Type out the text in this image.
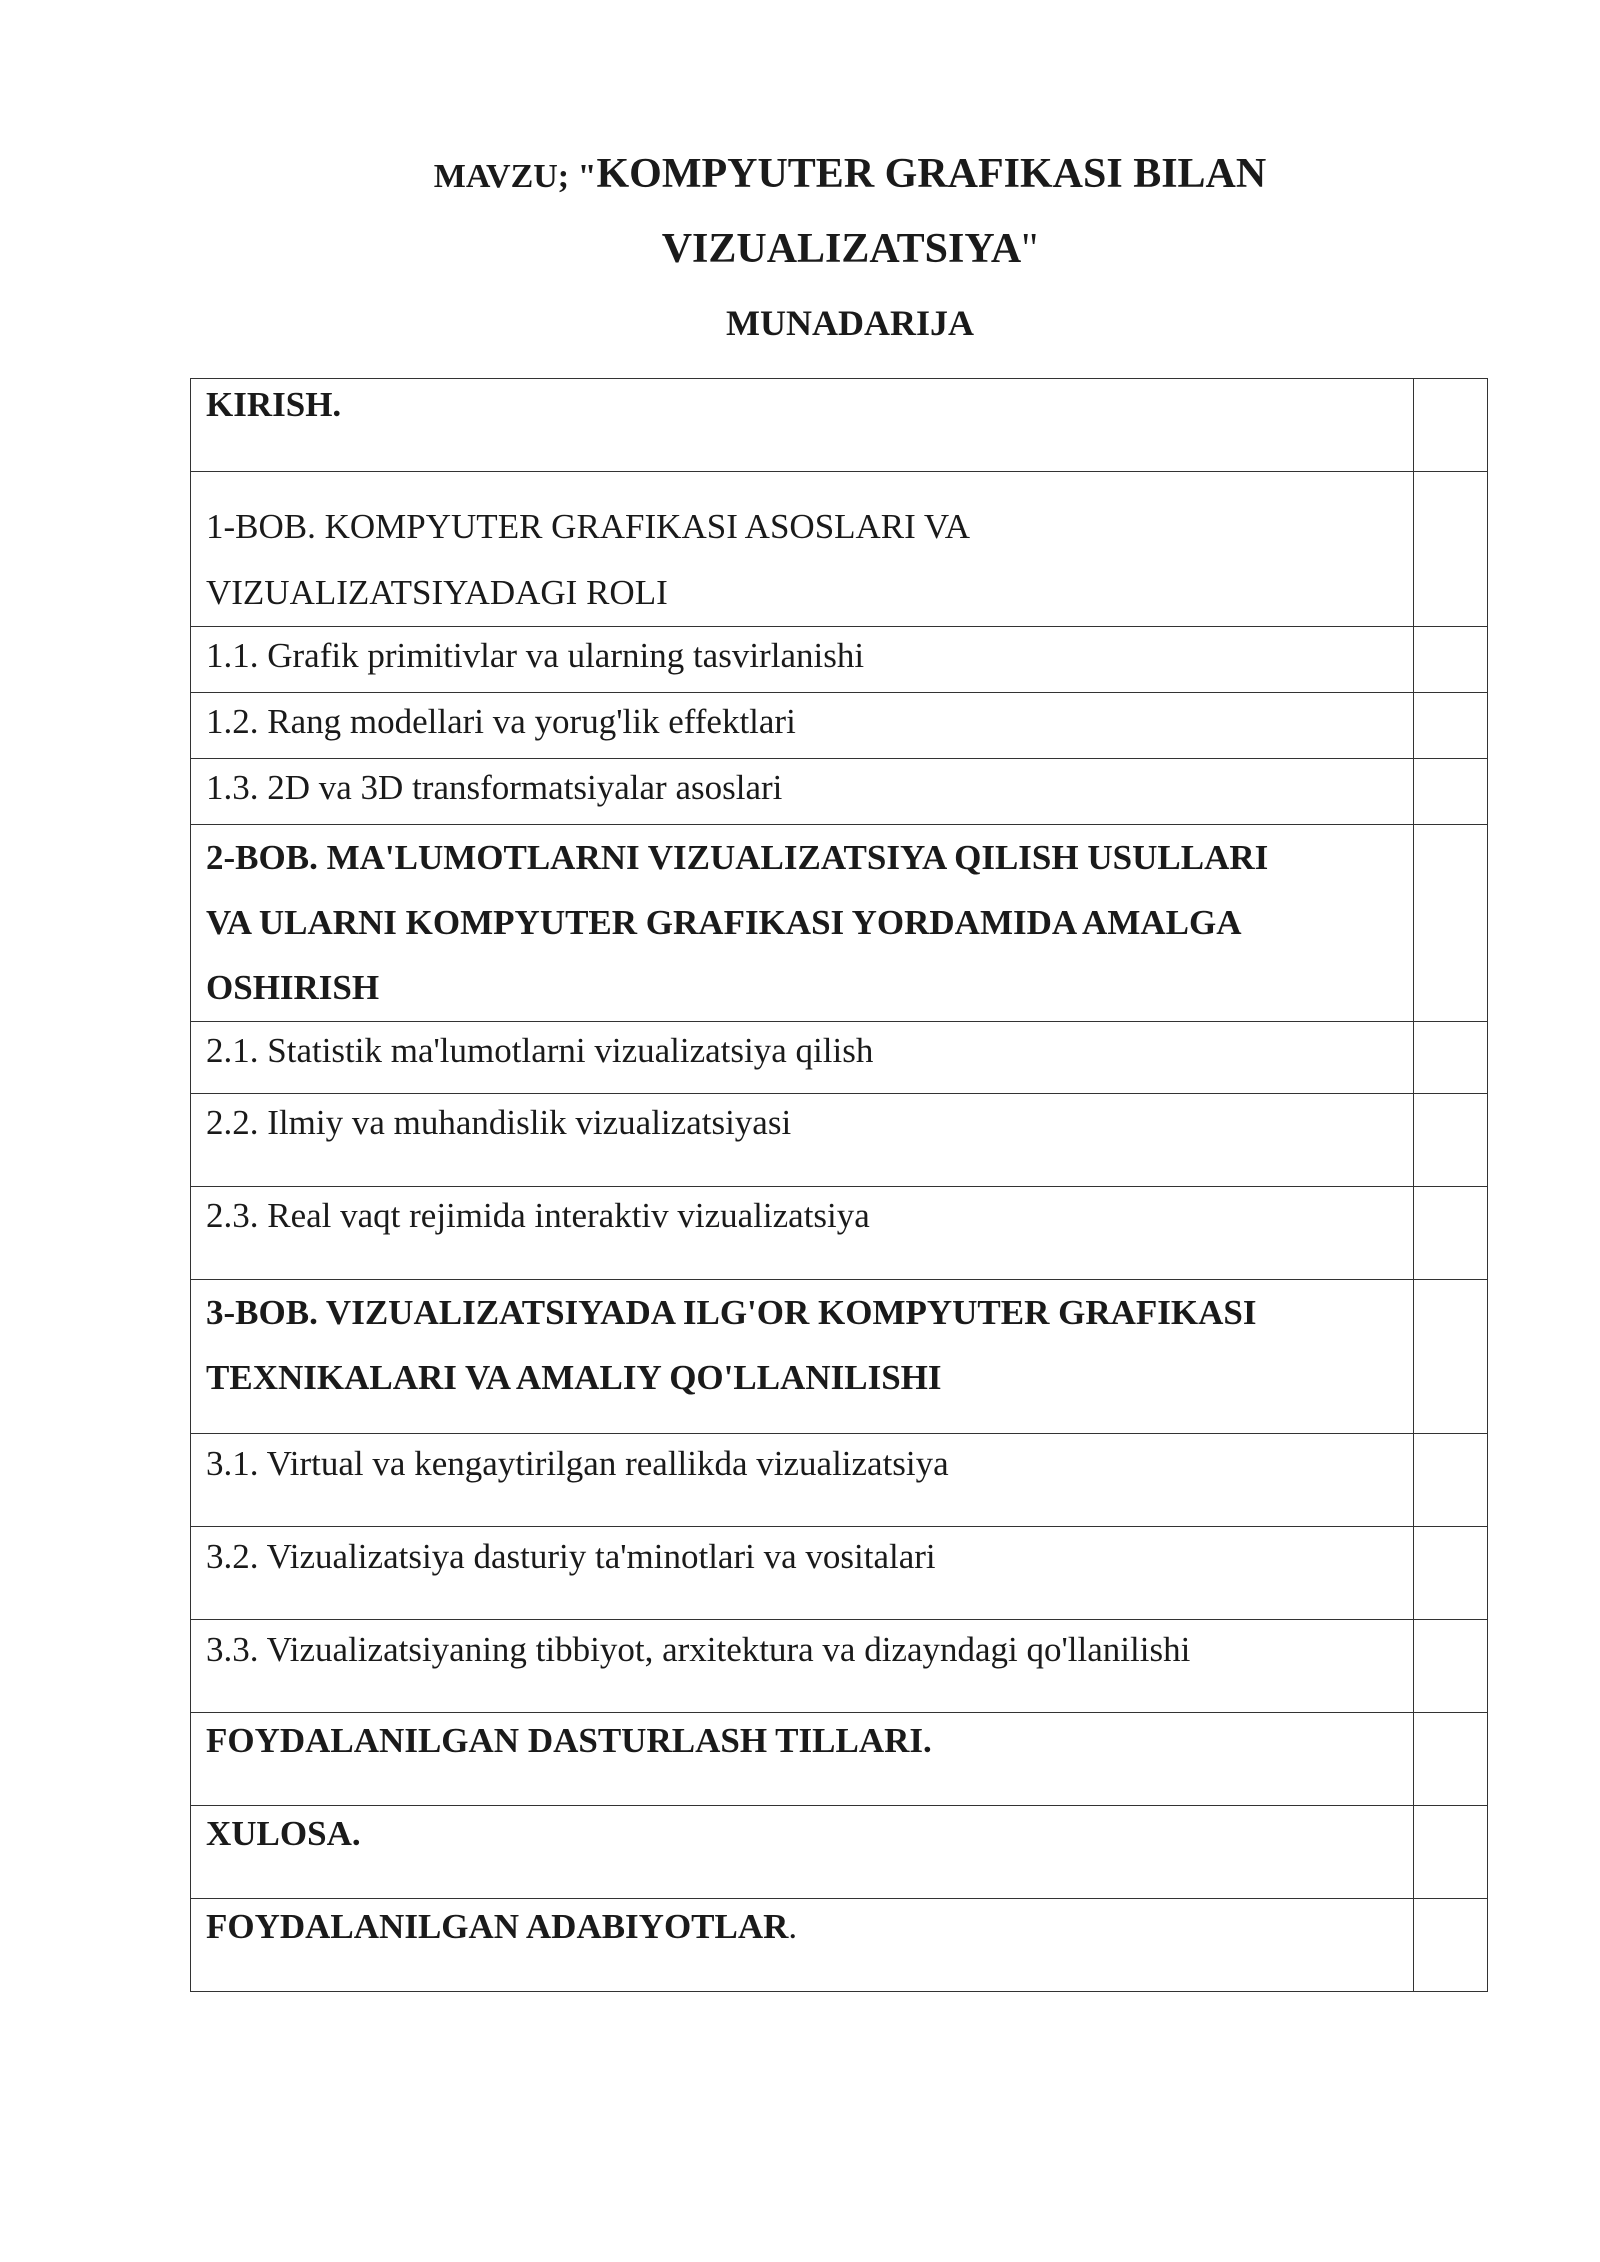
MAVZU; "KOMPYUTER GRAFIKASI BILAN
VIZUALIZATSIYA"
MUNADARIJA
KIRISH.	

1-BOB. KOMPYUTER GRAFIKASI ASOSLARI VA
VIZUALIZATSIYADAGI ROLI	

1.1. Grafik primitivlar va ularning tasvirlanishi	
1.2. Rang modellari va yorug'lik effektlari	
1.3. 2D va 3D transformatsiyalar asoslari	

2-BOB. MA'LUMOTLARNI VIZUALIZATSIYA QILISH USULLARI
VA ULARNI KOMPYUTER GRAFIKASI YORDAMIDA AMALGA
OSHIRISH	

2.1. Statistik ma'lumotlarni vizualizatsiya qilish	
2.2. Ilmiy va muhandislik vizualizatsiyasi	
2.3. Real vaqt rejimida interaktiv vizualizatsiya	

3-BOB. VIZUALIZATSIYADA ILG'OR KOMPYUTER GRAFIKASI
TEXNIKALARI VA AMALIY QO'LLANILISHI	

3.1. Virtual va kengaytirilgan reallikda vizualizatsiya	
3.2. Vizualizatsiya dasturiy ta'minotlari va vositalari	
3.3. Vizualizatsiyaning tibbiyot, arxitektura va dizayndagi qo'llanilishi	
FOYDALANILGAN DASTURLASH TILLARI.	
XULOSA.	
FOYDALANILGAN ADABIYOTLAR.	
